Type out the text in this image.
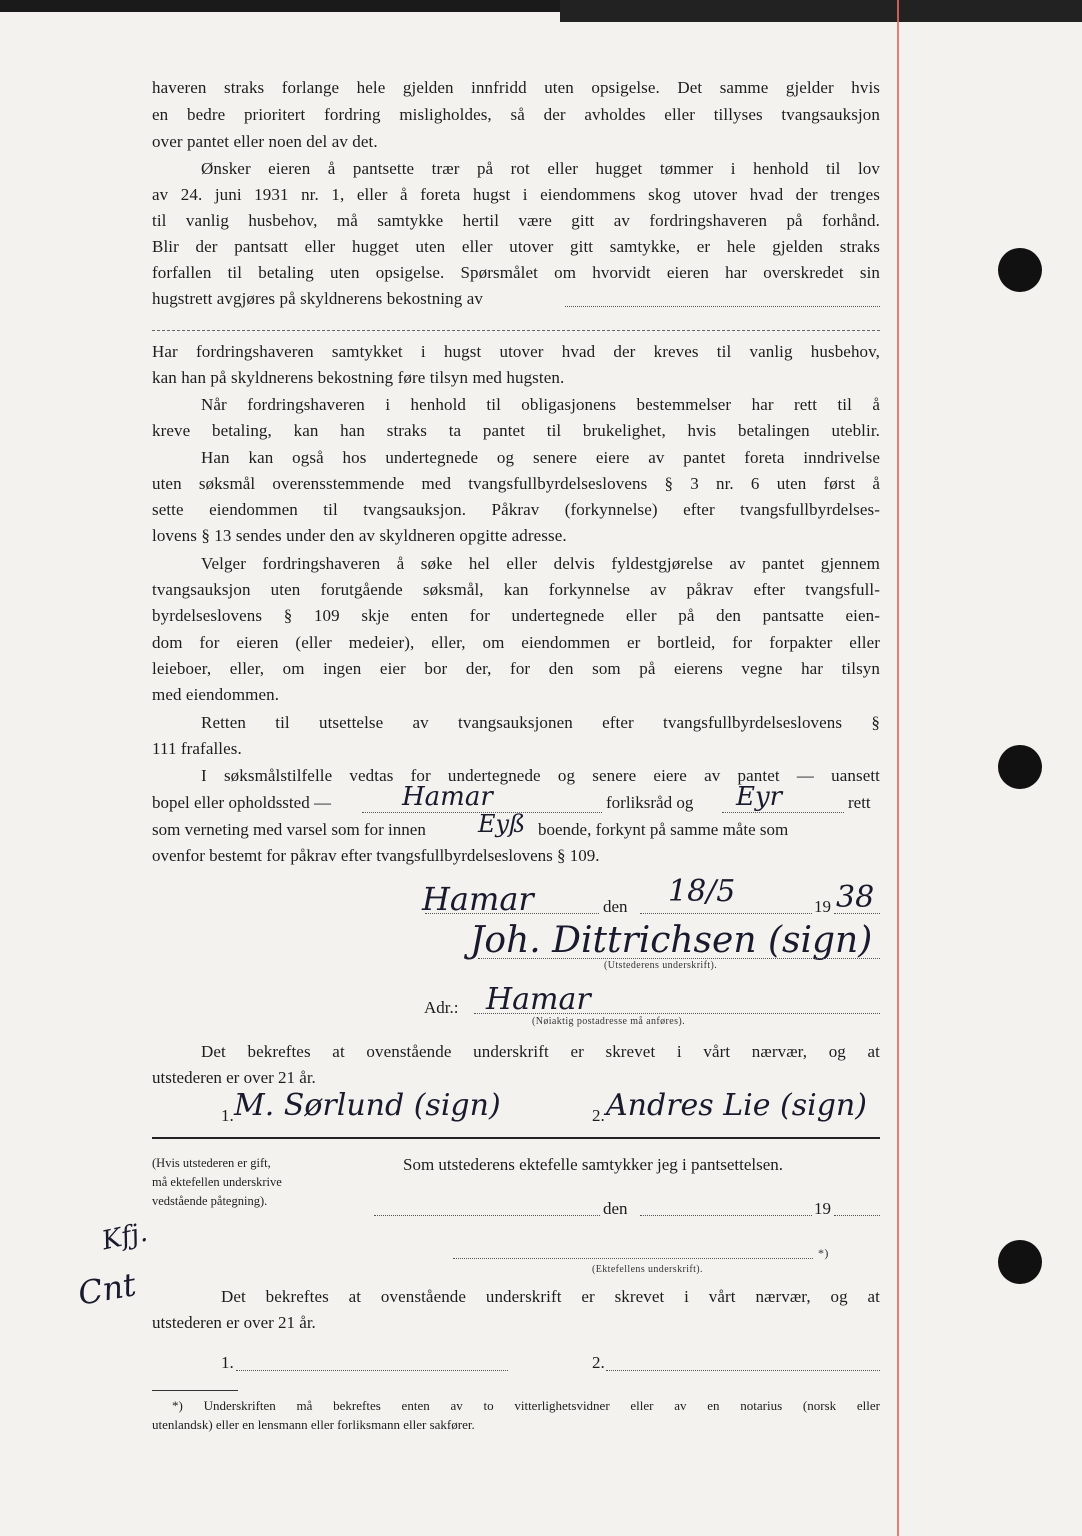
haveren straks forlange hele gjelden innfridd uten opsigelse. Det samme gjelder hvis
en bedre prioritert fordring misligholdes, så der avholdes eller tillyses tvangsauksjon
over pantet eller noen del av det.
Ønsker eieren å pantsette trær på rot eller hugget tømmer i henhold til lov
av 24. juni 1931 nr. 1, eller å foreta hugst i eiendommens skog utover hvad der trenges
til vanlig husbehov, må samtykke hertil være gitt av fordringshaveren på forhånd.
Blir der pantsatt eller hugget uten eller utover gitt samtykke, er hele gjelden straks
forfallen til betaling uten opsigelse. Spørsmålet om hvorvidt eieren har overskredet sin
hugstrett avgjøres på skyldnerens bekostning av
Har fordringshaveren samtykket i hugst utover hvad der kreves til vanlig husbehov,
kan han på skyldnerens bekostning føre tilsyn med hugsten.
Når fordringshaveren i henhold til obligasjonens bestemmelser har rett til å
kreve betaling, kan han straks ta pantet til brukelighet, hvis betalingen uteblir.
Han kan også hos undertegnede og senere eiere av pantet foreta inndrivelse
uten søksmål overensstemmende med tvangsfullbyrdelseslovens § 3 nr. 6 uten først å
sette eiendommen til tvangsauksjon. Påkrav (forkynnelse) efter tvangsfullbyrdelses-
lovens § 13 sendes under den av skyldneren opgitte adresse.
Velger fordringshaveren å søke hel eller delvis fyldestgjørelse av pantet gjennem
tvangsauksjon uten forutgående søksmål, kan forkynnelse av påkrav efter tvangsfull-
byrdelseslovens § 109 skje enten for undertegnede eller på den pantsatte eien-
dom for eieren (eller medeier), eller, om eiendommen er bortleid, for forpakter eller
leieboer, eller, om ingen eier bor der, for den som på eierens vegne har tilsyn
med eiendommen.
Retten til utsettelse av tvangsauksjonen efter tvangsfullbyrdelseslovens §
111 frafalles.
I søksmålstilfelle vedtas for undertegnede og senere eiere av pantet — uansett
bopel eller opholdssted —	Hamar	forliksråd og Eyr	rett
som verneting med varsel som for innen Eyß boende, forkynt på samme måte som
ovenfor bestemt for påkrav efter tvangsfullbyrdelseslovens § 109.
Hamar	den 18/5	19 38
Joh. Dittrichsen (sign)
(Utstederens underskrift).
Adr.: Hamar
(Nøiaktig postadresse må anføres).
Det bekreftes at ovenstående underskrift er skrevet i vårt nærvær, og at
utstederen er over 21 år.
1. M. Sørlund (sign)	2. Andres Lie (sign)
(Hvis utstederen er gift,
må ektefellen underskrive
vedstående påtegning).
Som utstederens ektefelle samtykker jeg i pantsettelsen.
den	19
*)
(Ektefellens underskrift).
Kfj.
Cnt	Det bekreftes at ovenstående underskrift er skrevet i vårt nærvær, og at
utstederen er over 21 år.
1.	2.
*) Underskriften må bekreftes enten av to vitterlighetsvidner eller av en notarius (norsk eller
utenlandsk) eller en lensmann eller forliksmann eller sakfører.
